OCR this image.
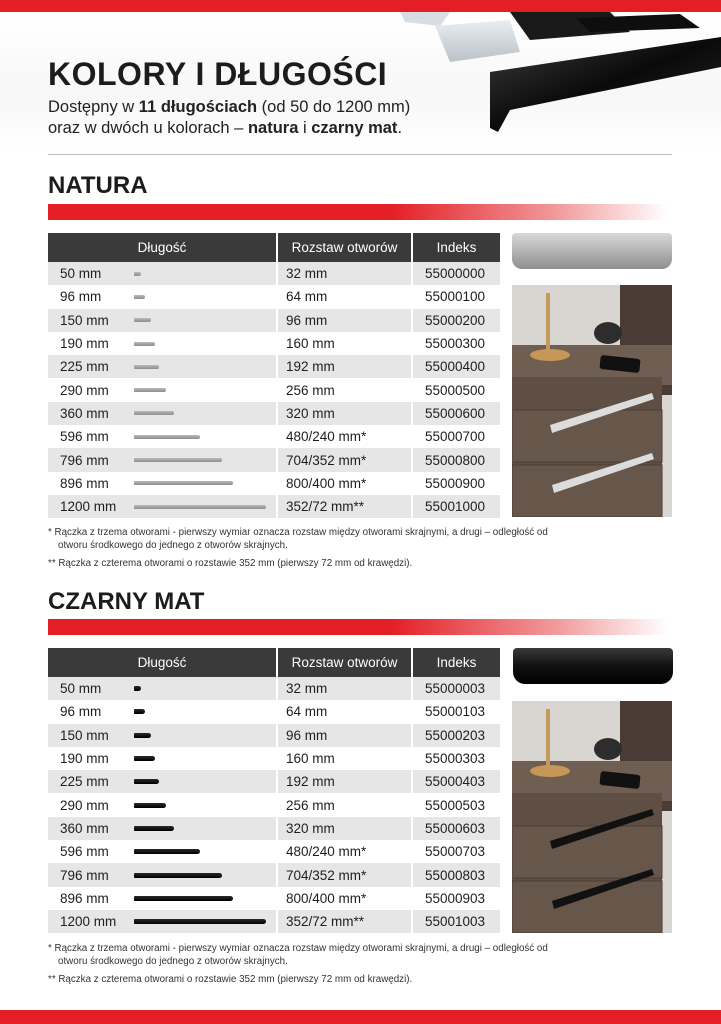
KOLORY I DŁUGOŚCI
Dostępny w 11 długościach (od 50 do 1200 mm)
oraz w dwóch u kolorach – natura i czarny mat.
NATURA
Długość	Rozstaw otworów	Indeks
50 mm	32 mm	55000000
96 mm	64 mm	55000100
150 mm	96 mm	55000200
190 mm	160 mm	55000300
225 mm	192 mm	55000400
290 mm	256 mm	55000500
360 mm	320 mm	55000600
596 mm	480/240 mm*	55000700
796 mm	704/352 mm*	55000800
896 mm	800/400 mm*	55000900
1200 mm	352/72 mm**	55001000
* Rączka z trzema otworami - pierwszy wymiar oznacza rozstaw między otworami skrajnymi, a drugi – odległość od
otworu środkowego do jednego z otworów skrajnych.
** Rączka z czterema otworami o rozstawie 352 mm (pierwszy 72 mm od krawędzi).
CZARNY MAT
Długość	Rozstaw otworów	Indeks
50 mm	32 mm	55000003
96 mm	64 mm	55000103
150 mm	96 mm	55000203
190 mm	160 mm	55000303
225 mm	192 mm	55000403
290 mm	256 mm	55000503
360 mm	320 mm	55000603
596 mm	480/240 mm*	55000703
796 mm	704/352 mm*	55000803
896 mm	800/400 mm*	55000903
1200 mm	352/72 mm**	55001003
* Rączka z trzema otworami - pierwszy wymiar oznacza rozstaw między otworami skrajnymi, a drugi – odległość od
otworu środkowego do jednego z otworów skrajnych.
** Rączka z czterema otworami o rozstawie 352 mm (pierwszy 72 mm od krawędzi).
